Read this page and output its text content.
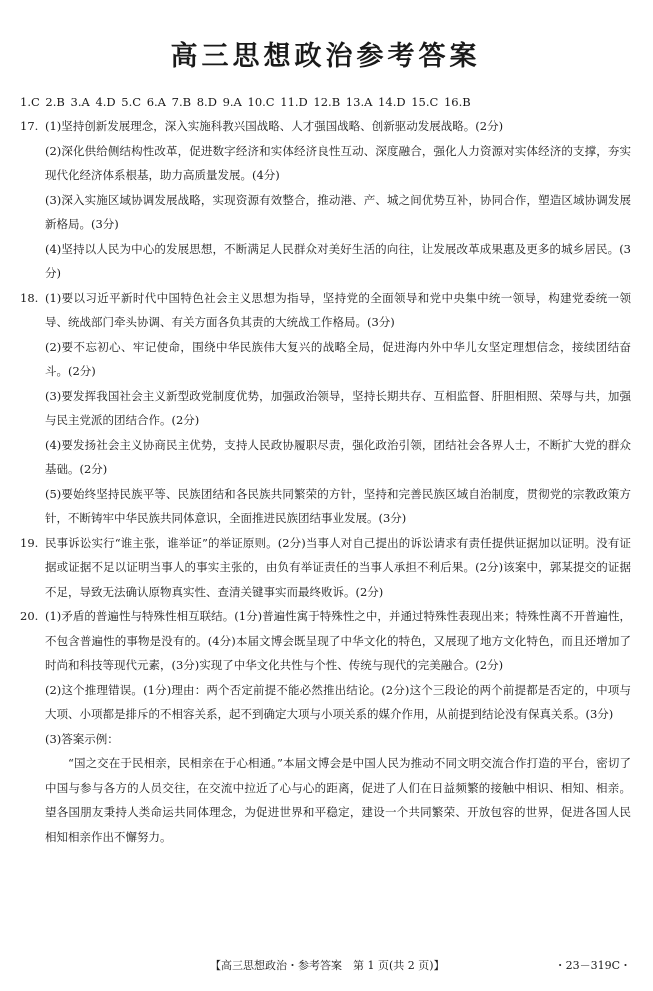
高三思想政治参考答案
1.C 2.B 3.A 4.D 5.C 6.A 7.B 8.D 9.A 10.C 11.D 12.B 13.A 14.D 15.C 16.B
17. (1)坚持创新发展理念，深入实施科教兴国战略、人才强国战略、创新驱动发展战略。(2分)

(2)深化供给侧结构性改革，促进数字经济和实体经济良性互动、深度融合，强化人力资源对实体经济的支撑，夯实现代化经济体系根基，助力高质量发展。(4分)

(3)深入实施区域协调发展战略，实现资源有效整合，推动港、产、城之间优势互补，协同合作，塑造区域协调发展新格局。(3分)

(4)坚持以人民为中心的发展思想，不断满足人民群众对美好生活的向往，让发展改革成果惠及更多的城乡居民。(3分)

18. (1)要以习近平新时代中国特色社会主义思想为指导，坚持党的全面领导和党中央集中统一领导，构建党委统一领导、统战部门牵头协调、有关方面各负其责的大统战工作格局。(3分)

(2)要不忘初心、牢记使命，围绕中华民族伟大复兴的战略全局，促进海内外中华儿女坚定理想信念，接续团结奋斗。(2分)

(3)要发挥我国社会主义新型政党制度优势，加强政治领导，坚持长期共存、互相监督、肝胆相照、荣辱与共，加强与民主党派的团结合作。(2分)

(4)要发扬社会主义协商民主优势，支持人民政协履职尽责，强化政治引领，团结社会各界人士，不断扩大党的群众基础。(2分)

(5)要始终坚持民族平等、民族团结和各民族共同繁荣的方针，坚持和完善民族区域自治制度，贯彻党的宗教政策方针，不断铸牢中华民族共同体意识，全面推进民族团结事业发展。(3分)

19. 民事诉讼实行“谁主张，谁举证”的举证原则。(2分)当事人对自己提出的诉讼请求有责任提供证据加以证明。没有证据或证据不足以证明当事人的事实主张的，由负有举证责任的当事人承担不利后果。(2分)该案中，郭某提交的证据不足，导致无法确认原物真实性、查清关键事实而最终败诉。(2分)

20. (1)矛盾的普遍性与特殊性相互联结。(1分)普遍性寓于特殊性之中，并通过特殊性表现出来；特殊性离不开普遍性，不包含普遍性的事物是没有的。(4分)本届文博会既呈现了中华文化的特色，又展现了地方文化特色，而且还增加了时尚和科技等现代元素，(3分)实现了中华文化共性与个性、传统与现代的完美融合。(2分)

(2)这个推理错误。(1分)理由：两个否定前提不能必然推出结论。(2分)这个三段论的两个前提都是否定的，中项与大项、小项都是排斥的不相容关系，起不到确定大项与小项关系的媒介作用，从前提到结论没有保真关系。(3分)

(3)答案示例：

“国之交在于民相亲，民相亲在于心相通。”本届文博会是中国人民为推动不同文明交流合作打造的平台，密切了中国与参与各方的人员交往，在交流中拉近了心与心的距离，促进了人们在日益频繁的接触中相识、相知、相亲。望各国朋友秉持人类命运共同体理念，为促进世界和平稳定，建设一个共同繁荣、开放包容的世界，促进各国人民相知相亲作出不懈努力。

【高三思想政治・参考答案　第 1 页(共 2 页)】	・23－319C・
